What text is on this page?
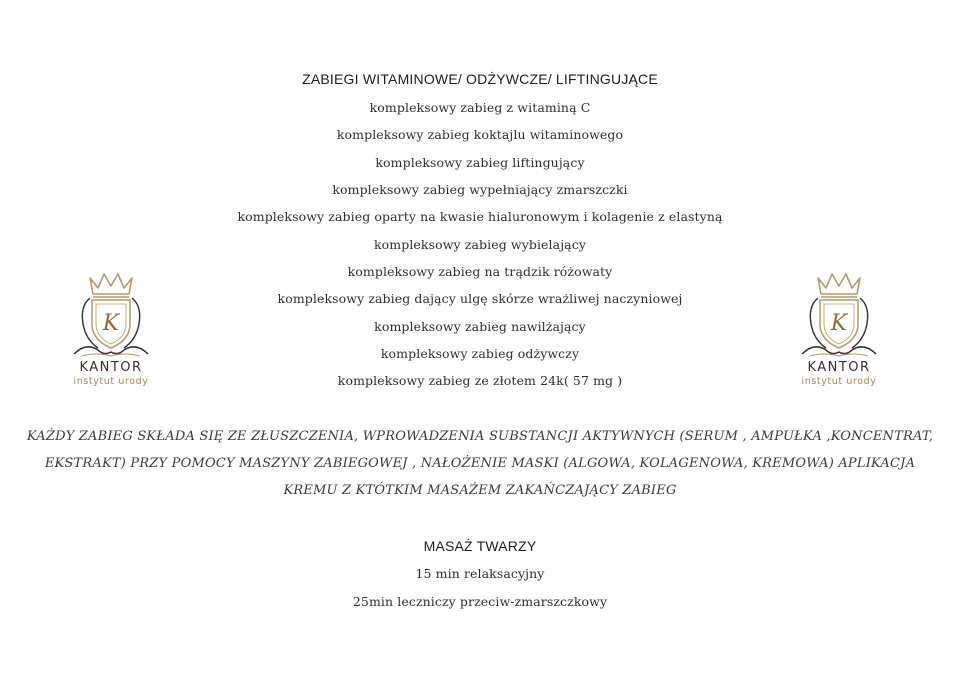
K
KANTOR
instytut urody
K
KANTOR
instytut urody
ZABIEGI WITAMINOWE/ ODŻYWCZE/ LIFTINGUJĄCE
kompleksowy zabieg z witaminą C
kompleksowy zabieg koktajlu witaminowego
kompleksowy zabieg liftingujący
kompleksowy zabieg wypełniający zmarszczki
kompleksowy zabieg oparty na kwasie hialuronowym i kolagenie z elastyną
kompleksowy zabieg wybielający
kompleksowy zabieg na trądzik różowaty
kompleksowy zabieg dający ulgę skórze wrażliwej naczyniowej
kompleksowy zabieg nawilżający
kompleksowy zabieg odżywczy
kompleksowy zabieg ze złotem 24k( 57 mg )
KAŻDY ZABIEG SKŁADA SIĘ ZE ZŁUSZCZENIA, WPROWADZENIA SUBSTANCJI AKTYWNYCH (SERUM , AMPUŁKA ,KONCENTRAT,
EKSTRAKT) PRZY POMOCY MASZYNY ZABIEGOWEJ , NAŁOŻENIE MASKI (ALGOWA, KOLAGENOWA, KREMOWA) APLIKACJA
KREMU Z KTÓTKIM MASAŻEM ZAKAŃCZAJĄCY ZABIEG
MASAŻ TWARZY
15 min relaksacyjny
25min leczniczy przeciw-zmarszczkowy
